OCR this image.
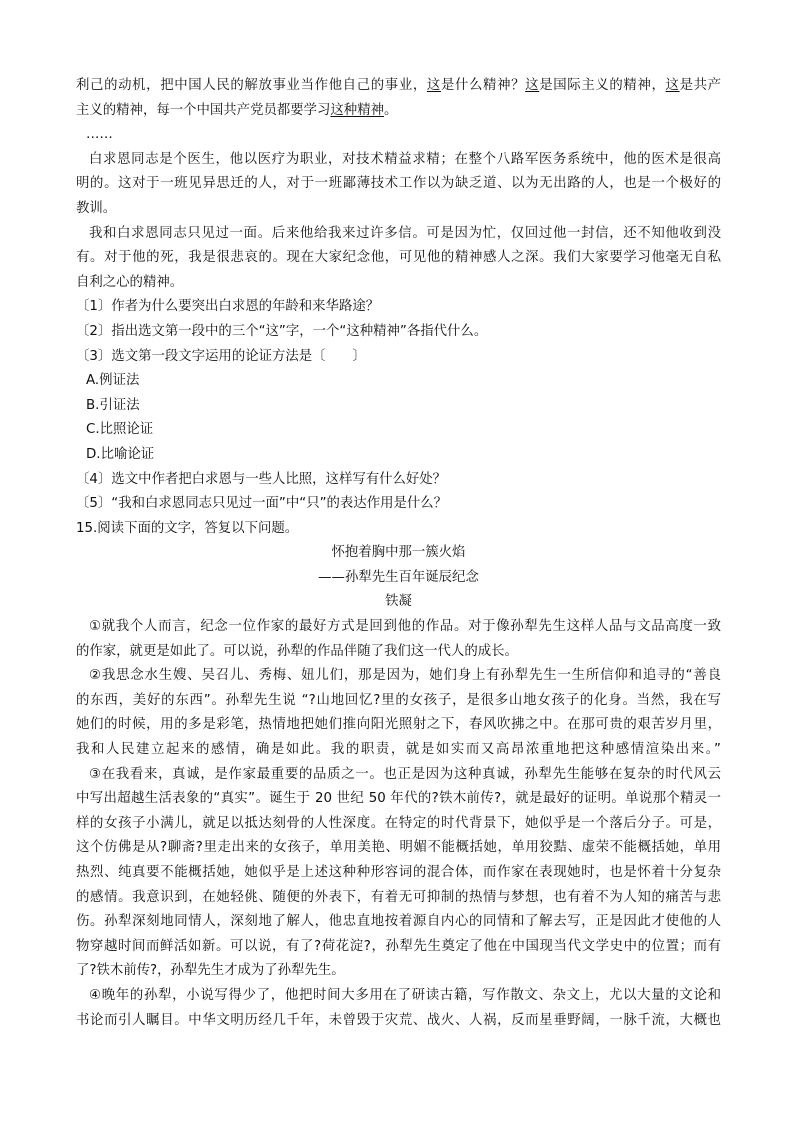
利己的动机，把中国人民的解放事业当作他自己的事业，这是什么精神？这是国际主义的精神，这是共产
主义的精神，每一个中国共产党员都要学习这种精神。
……
白求恩同志是个医生，他以医疗为职业，对技术精益求精；在整个八路军医务系统中，他的医术是很高
明的。这对于一班见异思迁的人，对于一班鄙薄技术工作以为缺乏道、以为无出路的人，也是一个极好的
教训。
我和白求恩同志只见过一面。后来他给我来过许多信。可是因为忙，仅回过他一封信，还不知他收到没
有。对于他的死，我是很悲哀的。现在大家纪念他，可见他的精神感人之深。我们大家要学习他毫无自私
自利之心的精神。
〔1〕作者为什么要突出白求恩的年龄和来华路途？
〔2〕指出选文第一段中的三个“这”字，一个“这种精神”各指代什么。
〔3〕选文第一段文字运用的论证方法是〔　　〕
A.例证法
B.引证法
C.比照论证
D.比喻论证
〔4〕选文中作者把白求恩与一些人比照，这样写有什么好处？
〔5〕“我和白求恩同志只见过一面”中“只”的表达作用是什么？
15.阅读下面的文字，答复以下问题。
怀抱着胸中那一簇火焰
——孙犁先生百年诞辰纪念
铁凝
①就我个人而言，纪念一位作家的最好方式是回到他的作品。对于像孙犁先生这样人品与文品高度一致
的作家，就更是如此了。可以说，孙犁的作品伴随了我们这一代人的成长。
②我思念水生嫂、吴召儿、秀梅、妞儿们，那是因为，她们身上有孙犁先生一生所信仰和追寻的“善良
的东西，美好的东西”。孙犁先生说 “?山地回忆?里的女孩子，是很多山地女孩子的化身。当然，我在写
她们的时候，用的多是彩笔，热情地把她们推向阳光照射之下，春风吹拂之中。在那可贵的艰苦岁月里，
我和人民建立起来的感情，确是如此。我的职责，就是如实而又高昂浓重地把这种感情渲染出来。”
③在我看来，真诚，是作家最重要的品质之一。也正是因为这种真诚，孙犁先生能够在复杂的时代风云
中写出超越生活表象的“真实”。诞生于 20 世纪 50 年代的?铁木前传?，就是最好的证明。单说那个精灵一
样的女孩子小满儿，就足以抵达刻骨的人性深度。在特定的时代背景下，她似乎是一个落后分子。可是，
这个仿佛是从?聊斋?里走出来的女孩子，单用美艳、明媚不能概括她，单用狡黠、虚荣不能概括她，单用
热烈、纯真要不能概括她，她似乎是上述这种种形容词的混合体，而作家在表现她时，也是怀着十分复杂
的感情。我意识到，在她轻佻、随便的外表下，有着无可抑制的热情与梦想，也有着不为人知的痛苦与悲
伤。孙犁深刻地同情人，深刻地了解人，他忠直地按着源自内心的同情和了解去写，正是因此才使他的人
物穿越时间而鲜活如新。可以说，有了?荷花淀?，孙犁先生奠定了他在中国现当代文学史中的位置；而有
了?铁木前传?，孙犁先生才成为了孙犁先生。
④晚年的孙犁，小说写得少了，他把时间大多用在了研读古籍，写作散文、杂文上，尤以大量的文论和
书论而引人瞩目。中华文明历经几千年，未曾毁于灾荒、战火、人祸，反而星垂野阔，一脉千流，大概也
